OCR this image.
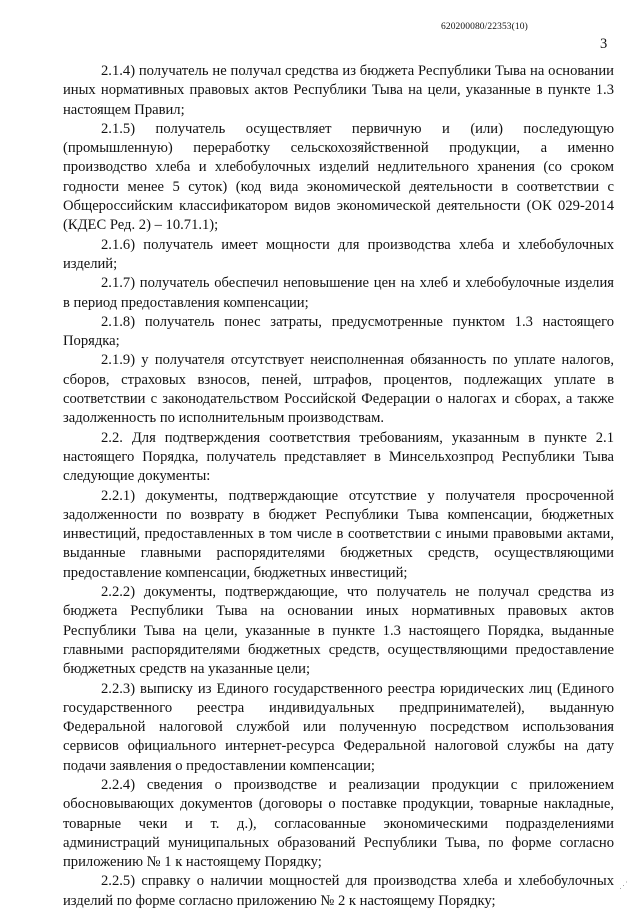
620200080/22353(10)
3

2.1.4) получатель не получал средства из бюджета Республики Тыва на основании иных нормативных правовых актов Республики Тыва на цели, указанные в пункте 1.3 настоящем Правил;

2.1.5) получатель осуществляет первичную и (или) последующую (промышленную) переработку сельскохозяйственной продукции, а именно производство хлеба и хлебобулочных изделий недлительного хранения (со сроком годности менее 5 суток) (код вида экономической деятельности в соответствии с Общероссийским классификатором видов экономической деятельности (ОК 029-2014 (КДЕС Ред. 2) – 10.71.1);

2.1.6) получатель имеет мощности для производства хлеба и хлебобулочных изделий;

2.1.7) получатель обеспечил неповышение цен на хлеб и хлебобулочные изделия в период предоставления компенсации;

2.1.8) получатель понес затраты, предусмотренные пунктом 1.3 настоящего Порядка;

2.1.9) у получателя отсутствует неисполненная обязанность по уплате налогов, сборов, страховых взносов, пеней, штрафов, процентов, подлежащих уплате в соответствии с законодательством Российской Федерации о налогах и сборах, а также задолженность по исполнительным производствам.

2.2. Для подтверждения соответствия требованиям, указанным в пункте 2.1 настоящего Порядка, получатель представляет в Минсельхозпрод Республики Тыва следующие документы:

2.2.1) документы, подтверждающие отсутствие у получателя просроченной задолженности по возврату в бюджет Республики Тыва компенсации, бюджетных инвестиций, предоставленных в том числе в соответствии с иными правовыми актами, выданные главными распорядителями бюджетных средств, осуществляющими предоставление компенсации, бюджетных инвестиций;

2.2.2) документы, подтверждающие, что получатель не получал средства из бюджета Республики Тыва на основании иных нормативных правовых актов Республики Тыва на цели, указанные в пункте 1.3 настоящего Порядка, выданные главными распорядителями бюджетных средств, осуществляющими предоставление бюджетных средств на указанные цели;

2.2.3) выписку из Единого государственного реестра юридических лиц (Единого государственного реестра индивидуальных предпринимателей), выданную Федеральной налоговой службой или полученную посредством использования сервисов официального интернет-ресурса Федеральной налоговой службы на дату подачи заявления о предоставлении компенсации;

2.2.4) сведения о производстве и реализации продукции с приложением обосновывающих документов (договоры о поставке продукции, товарные накладные, товарные чеки и т. д.), согласованные экономическими подразделениями администраций муниципальных образований Республики Тыва, по форме согласно приложению № 1 к настоящему Порядку;

2.2.5) справку о наличии мощностей для производства хлеба и хлебобулочных изделий по форме согласно приложению № 2 к настоящему Порядку;

⋰
